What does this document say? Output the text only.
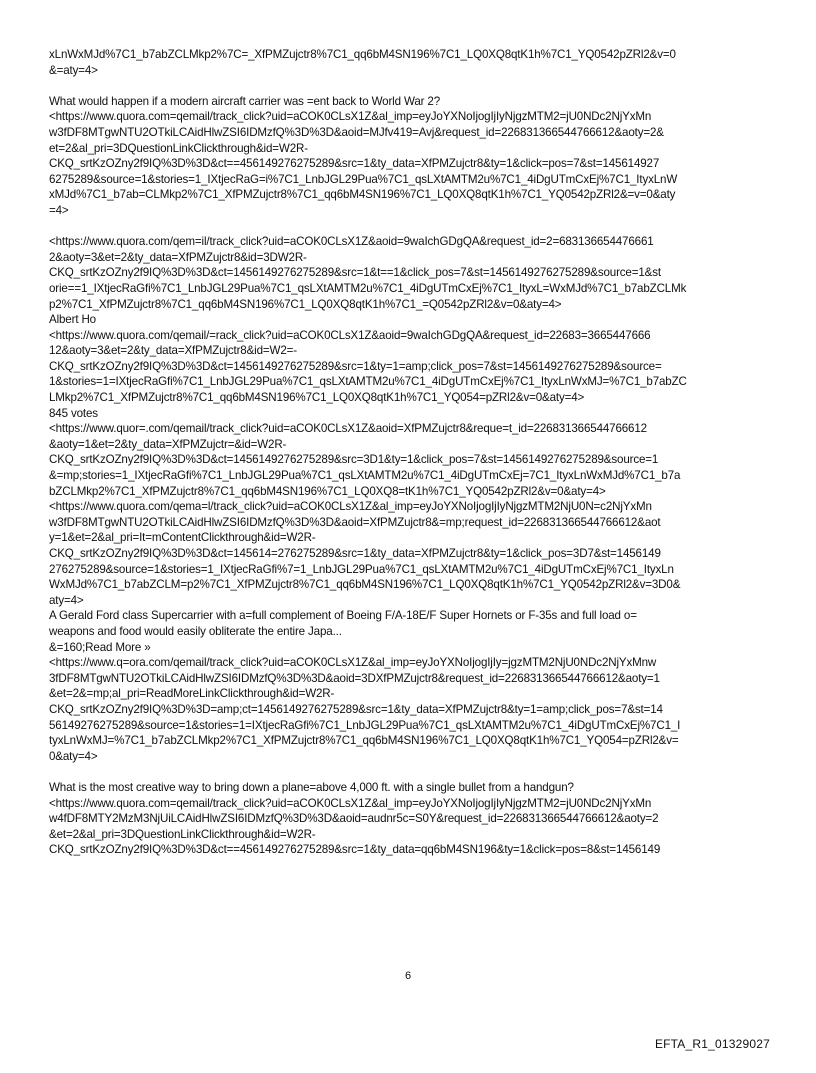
xLnWxMJd%7C1_b7abZCLMkp2%7C=_XfPMZujctr8%7C1_qq6bM4SN196%7C1_LQ0XQ8qtK1h%7C1_YQ0542pZRl2&v=0
&=aty=4>

What would happen if a modern aircraft carrier was =ent back to World War 2?
<https://www.quora.com=qemail/track_click?uid=aCOK0CLsX1Z&al_imp=eyJoYXNoIjogIjIyNjgzMTM2=jU0NDc2NjYxMn
w3fDF8MTgwNTU2OTkiLCAidHlwZSI6IDMzfQ%3D%3D&aoid=MJfv419=Avj&request_id=226831366544766612&aoty=2&
et=2&al_pri=3DQuestionLinkClickthrough&id=W2R-
CKQ_srtKzOZny2f9IQ%3D%3D&ct==456149276275289&src=1&ty_data=XfPMZujctr8&ty=1&click=pos=7&st=145614927
6275289&source=1&stories=1_IXtjecRaG=i%7C1_LnbJGL29Pua%7C1_qsLXtAMTM2u%7C1_4iDgUTmCxEj%7C1_ItyxLnW
xMJd%7C1_b7ab=CLMkp2%7C1_XfPMZujctr8%7C1_qq6bM4SN196%7C1_LQ0XQ8qtK1h%7C1_YQ0542pZRl2&=v=0&aty
=4>

<https://www.quora.com/qem=il/track_click?uid=aCOK0CLsX1Z&aoid=9waIchGDgQA&request_id=2=683136654476661
2&aoty=3&et=2&ty_data=XfPMZujctr8&id=3DW2R-
CKQ_srtKzOZny2f9IQ%3D%3D&ct=1456149276275289&src=1&t==1&click_pos=7&st=1456149276275289&source=1&st
orie==1_IXtjecRaGfi%7C1_LnbJGL29Pua%7C1_qsLXtAMTM2u%7C1_4iDgUTmCxEj%7C1_ItyxL=WxMJd%7C1_b7abZCLMk
p2%7C1_XfPMZujctr8%7C1_qq6bM4SN196%7C1_LQ0XQ8qtK1h%7C1_=Q0542pZRl2&v=0&aty=4>

Albert Ho

<https://www.quora.com/qemail/=rack_click?uid=aCOK0CLsX1Z&aoid=9waIchGDgQA&request_id=22683=3665447666
12&aoty=3&et=2&ty_data=XfPMZujctr8&id=W2=-
CKQ_srtKzOZny2f9IQ%3D%3D&ct=1456149276275289&src=1&ty=1=amp;click_pos=7&st=1456149276275289&source=
1&stories=1=IXtjecRaGfi%7C1_LnbJGL29Pua%7C1_qsLXtAMTM2u%7C1_4iDgUTmCxEj%7C1_ItyxLnWxMJ=%7C1_b7abZC
LMkp2%7C1_XfPMZujctr8%7C1_qq6bM4SN196%7C1_LQ0XQ8qtK1h%7C1_YQ054=pZRl2&v=0&aty=4>

845 votes

<https://www.quor=.com/qemail/track_click?uid=aCOK0CLsX1Z&aoid=XfPMZujctr8&reque=t_id=226831366544766612
&aoty=1&et=2&ty_data=XfPMZujctr=&id=W2R-
CKQ_srtKzOZny2f9IQ%3D%3D&ct=1456149276275289&src=3D1&ty=1&click_pos=7&st=1456149276275289&source=1
&=mp;stories=1_IXtjecRaGfi%7C1_LnbJGL29Pua%7C1_qsLXtAMTM2u%7C1_4iDgUTmCxEj=7C1_ItyxLnWxMJd%7C1_b7a
bZCLMkp2%7C1_XfPMZujctr8%7C1_qq6bM4SN196%7C1_LQ0XQ8=tK1h%7C1_YQ0542pZRl2&v=0&aty=4>

<https://www.quora.com/qema=l/track_click?uid=aCOK0CLsX1Z&al_imp=eyJoYXNoIjogIjIyNjgzMTM2NjU0N=c2NjYxMn
w3fDF8MTgwNTU2OTkiLCAidHlwZSI6IDMzfQ%3D%3D&aoid=XfPMZujctr8&=mp;request_id=226831366544766612&aot
y=1&et=2&al_pri=It=mContentClickthrough&id=W2R-
CKQ_srtKzOZny2f9IQ%3D%3D&ct=145614=276275289&src=1&ty_data=XfPMZujctr8&ty=1&click_pos=3D7&st=1456149
276275289&source=1&stories=1_IXtjecRaGfi%7=1_LnbJGL29Pua%7C1_qsLXtAMTM2u%7C1_4iDgUTmCxEj%7C1_ItyxLn
WxMJd%7C1_b7abZCLM=p2%7C1_XfPMZujctr8%7C1_qq6bM4SN196%7C1_LQ0XQ8qtK1h%7C1_YQ0542pZRl2&v=3D0&
aty=4>

A Gerald Ford class Supercarrier with a=full complement of Boeing F/A-18E/F Super Hornets or F-35s and full load o=
weapons and food would easily obliterate the entire Japa...

&=160;Read More »

<https://www.q=ora.com/qemail/track_click?uid=aCOK0CLsX1Z&al_imp=eyJoYXNoIjogIjIy=jgzMTM2NjU0NDc2NjYxMnw
3fDF8MTgwNTU2OTkiLCAidHlwZSI6IDMzfQ%3D%3D&aoid=3DXfPMZujctr8&request_id=226831366544766612&aoty=1
&et=2&=mp;al_pri=ReadMoreLinkClickthrough&id=W2R-
CKQ_srtKzOZny2f9IQ%3D%3D=amp;ct=1456149276275289&src=1&ty_data=XfPMZujctr8&ty=1=amp;click_pos=7&st=14
56149276275289&source=1&stories=1=IXtjecRaGfi%7C1_LnbJGL29Pua%7C1_qsLXtAMTM2u%7C1_4iDgUTmCxEj%7C1_I
tyxLnWxMJ=%7C1_b7abZCLMkp2%7C1_XfPMZujctr8%7C1_qq6bM4SN196%7C1_LQ0XQ8qtK1h%7C1_YQ054=pZRl2&v=
0&aty=4>

What is the most creative way to bring down a plane=above 4,000 ft. with a single bullet from a handgun?
<https://www.quora.com=qemail/track_click?uid=aCOK0CLsX1Z&al_imp=eyJoYXNoIjogIjIyNjgzMTM2=jU0NDc2NjYxMn
w4fDF8MTY2MzM3NjUiLCAidHlwZSI6IDMzfQ%3D%3D&aoid=audnr5c=S0Y&request_id=226831366544766612&aoty=2
&et=2&al_pri=3DQuestionLinkClickthrough&id=W2R-
CKQ_srtKzOZny2f9IQ%3D%3D&ct==456149276275289&src=1&ty_data=qq6bM4SN196&ty=1&click=pos=8&st=1456149

6
EFTA_R1_01329027
